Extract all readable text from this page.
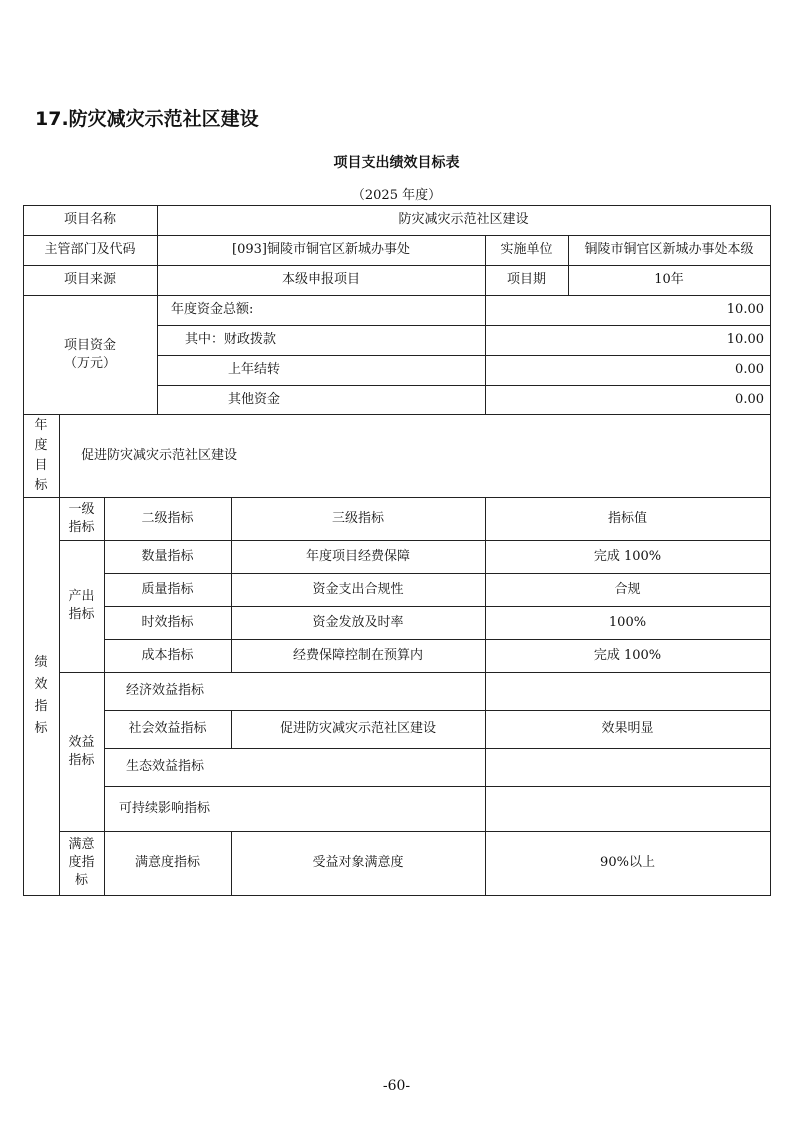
17.防灾减灾示范社区建设
项目支出绩效目标表
（2025 年度）
项目名称	防灾减灾示范社区建设
主管部门及代码	[093]铜陵市铜官区新城办事处	实施单位	铜陵市铜官区新城办事处本级
项目来源	本级申报项目	项目期	10年
项目资金
（万元）
年度资金总额:	10.00
其中：财政拨款	10.00
上年结转	0.00
其他资金	0.00
年
度
目
标
促进防灾减灾示范社区建设
绩
效
指
标
一级
指标
二级指标	三级指标	指标值
产出
指标
数量指标	年度项目经费保障	完成 100%
质量指标	资金支出合规性	合规
时效指标	资金发放及时率	100%
成本指标	经费保障控制在预算内	完成 100%
效益
指标
经济效益指标
社会效益指标	促进防灾减灾示范社区建设	效果明显
生态效益指标
可持续影响指标
满意
度指
标
满意度指标	受益对象满意度	90%以上
-60-
